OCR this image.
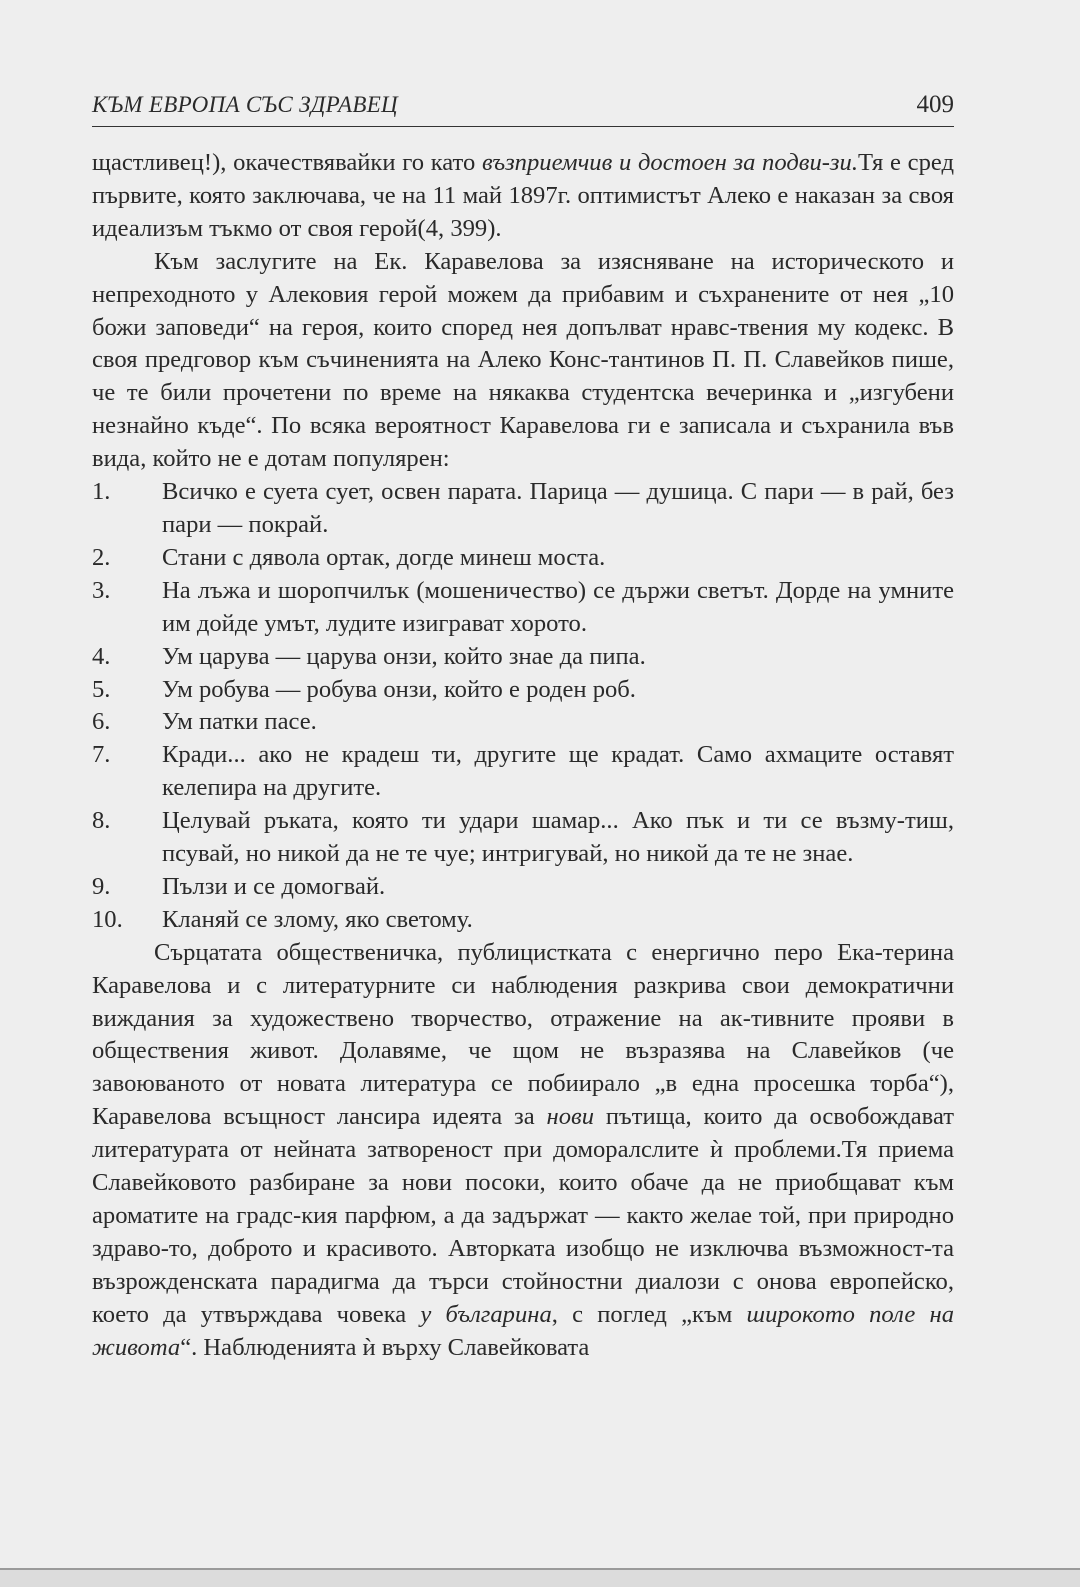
КЪМ ЕВРОПА СЪС ЗДРАВЕЦ	409

щастливец!), окачествявайки го като възприемчив и достоен за подви-зи.Тя е сред първите, която заключава, че на 11 май 1897г. оптимистът Алеко е наказан за своя идеализъм тъкмо от своя герой(4, 399).

Към заслугите на Ек. Каравелова за изясняване на историческото и непреходното у Алековия герой можем да прибавим и съхранените от нея „10 божи заповеди“ на героя, които според нея допълват нравс-твения му кодекс. В своя предговор към съчиненията на Алеко Конс-тантинов П. П. Славейков пише, че те били прочетени по време на някаква студентска вечеринка и „изгубени незнайно къде“. По всяка вероятност Каравелова ги е записала и съхранила във вида, който не е дотам популярен:

1. Всичко е суета сует, освен парата. Парица — душица. С пари — в рай, без пари — покрай.
2. Стани с дявола ортак, догде минеш моста.
3. На лъжа и шоропчилък (мошеничество) се държи светът. Дорде на умните им дойде умът, лудите изиграват хорото.
4. Ум царува — царува онзи, който знае да пипа.
5. Ум робува — робува онзи, който е роден роб.
6. Ум патки пасе.
7. Кради... ако не крадеш ти, другите ще крадат. Само ахмаците оставят келепира на другите.
8. Целувай ръката, която ти удари шамар... Ако пък и ти се възму-тиш, псувай, но никой да не те чуе; интригувай, но никой да те не знае.
9. Пълзи и се домогвай.
10. Кланяй се злому, яко светому.

Сърцатата общественичка, публицистката с енергично перо Ека-терина Каравелова и с литературните си наблюдения разкрива свои демократични виждания за художествено творчество, отражение на ак-тивните прояви в обществения живот. Долавяме, че щом не възразява на Славейков (че завоюваното от новата литература се побиирало „в една просешка торба“), Каравелова всъщност лансира идеята за нови пътища, които да освобождават литературата от нейната затвореност при доморалслите ѝ проблеми.Тя приема Славейковото разбиране за нови посоки, които обаче да не приобщават към ароматите на градс-кия парфюм, а да задържат — както желае той, при природно здраво-то, доброто и красивото. Авторката изобщо не изключва възможност-та възрожденската парадигма да търси стойностни диалози с онова европейско, което да утвърждава човека у българина, с поглед „към широкото поле на живота“. Наблюденията ѝ върху Славейковата
